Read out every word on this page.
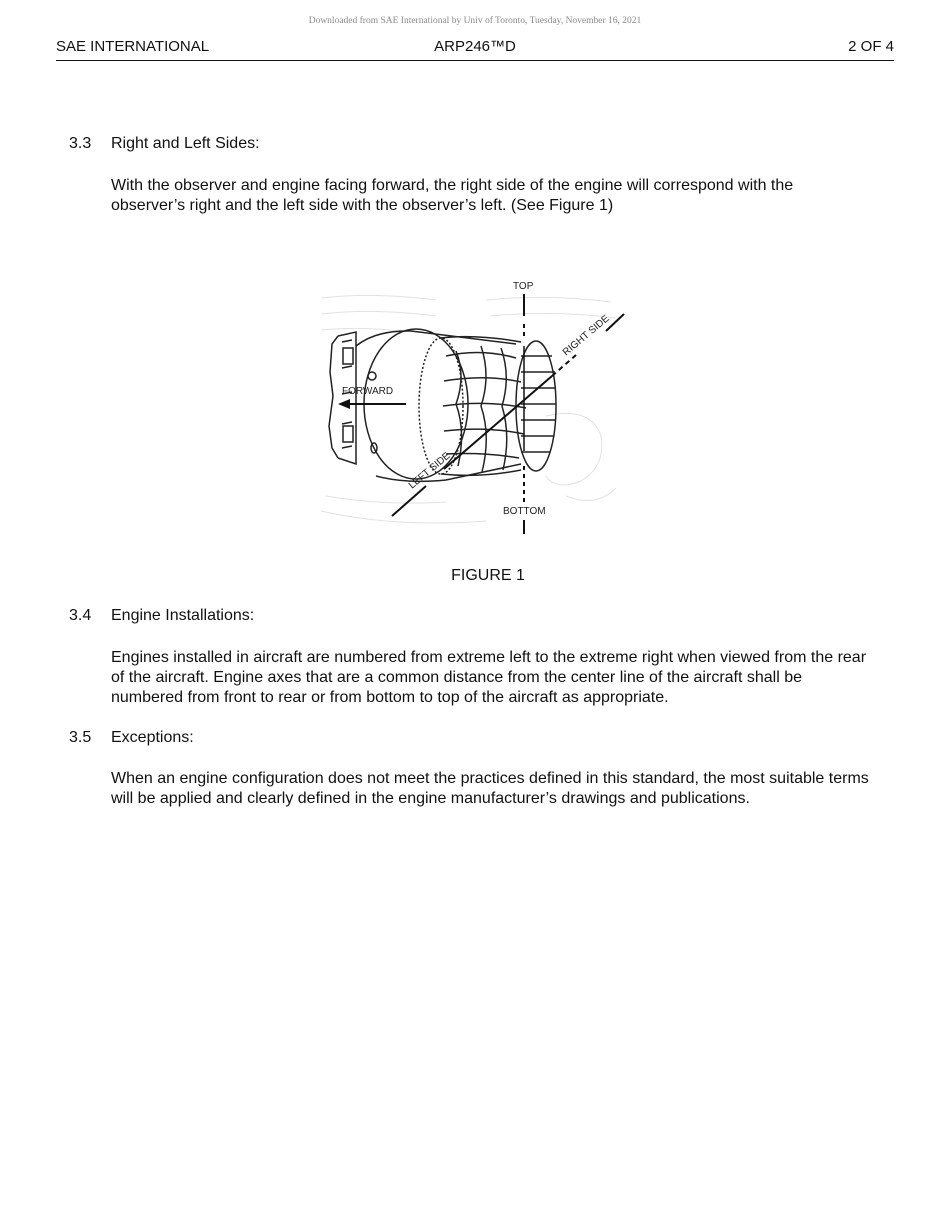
Downloaded from SAE International by Univ of Toronto, Tuesday, November 16, 2021
SAE INTERNATIONAL	ARP246™D	2 OF 4
3.3 Right and Left Sides:
With the observer and engine facing forward, the right side of the engine will correspond with the observer’s right and the left side with the observer’s left. (See Figure 1)
TOP
BOTTOM
FORWARD
RIGHT SIDE
LEFT SIDE
FIGURE 1
3.4 Engine Installations:
Engines installed in aircraft are numbered from extreme left to the extreme right when viewed from the rear of the aircraft. Engine axes that are a common distance from the center line of the aircraft shall be numbered from front to rear or from bottom to top of the aircraft as appropriate.
3.5 Exceptions:
When an engine configuration does not meet the practices defined in this standard, the most suitable terms will be applied and clearly defined in the engine manufacturer’s drawings and publications.
